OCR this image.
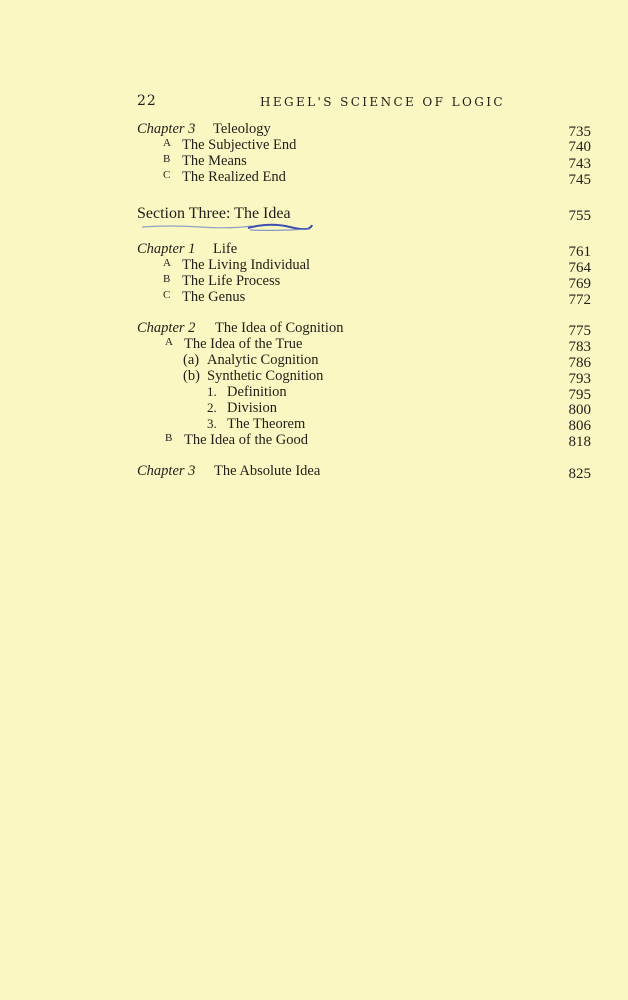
22	HEGEL'S SCIENCE OF LOGIC
Chapter 3 Teleology	735
A The Subjective End	740
B The Means	743
C The Realized End	745
Section Three: The Idea	755
Chapter 1 Life	761
A The Living Individual	764
B The Life Process	769
C The Genus	772
Chapter 2 The Idea of Cognition	775
A The Idea of the True	783
(a) Analytic Cognition	786
(b) Synthetic Cognition	793
1. Definition	795
2. Division	800
3. The Theorem	806
B The Idea of the Good	818
Chapter 3 The Absolute Idea	825
